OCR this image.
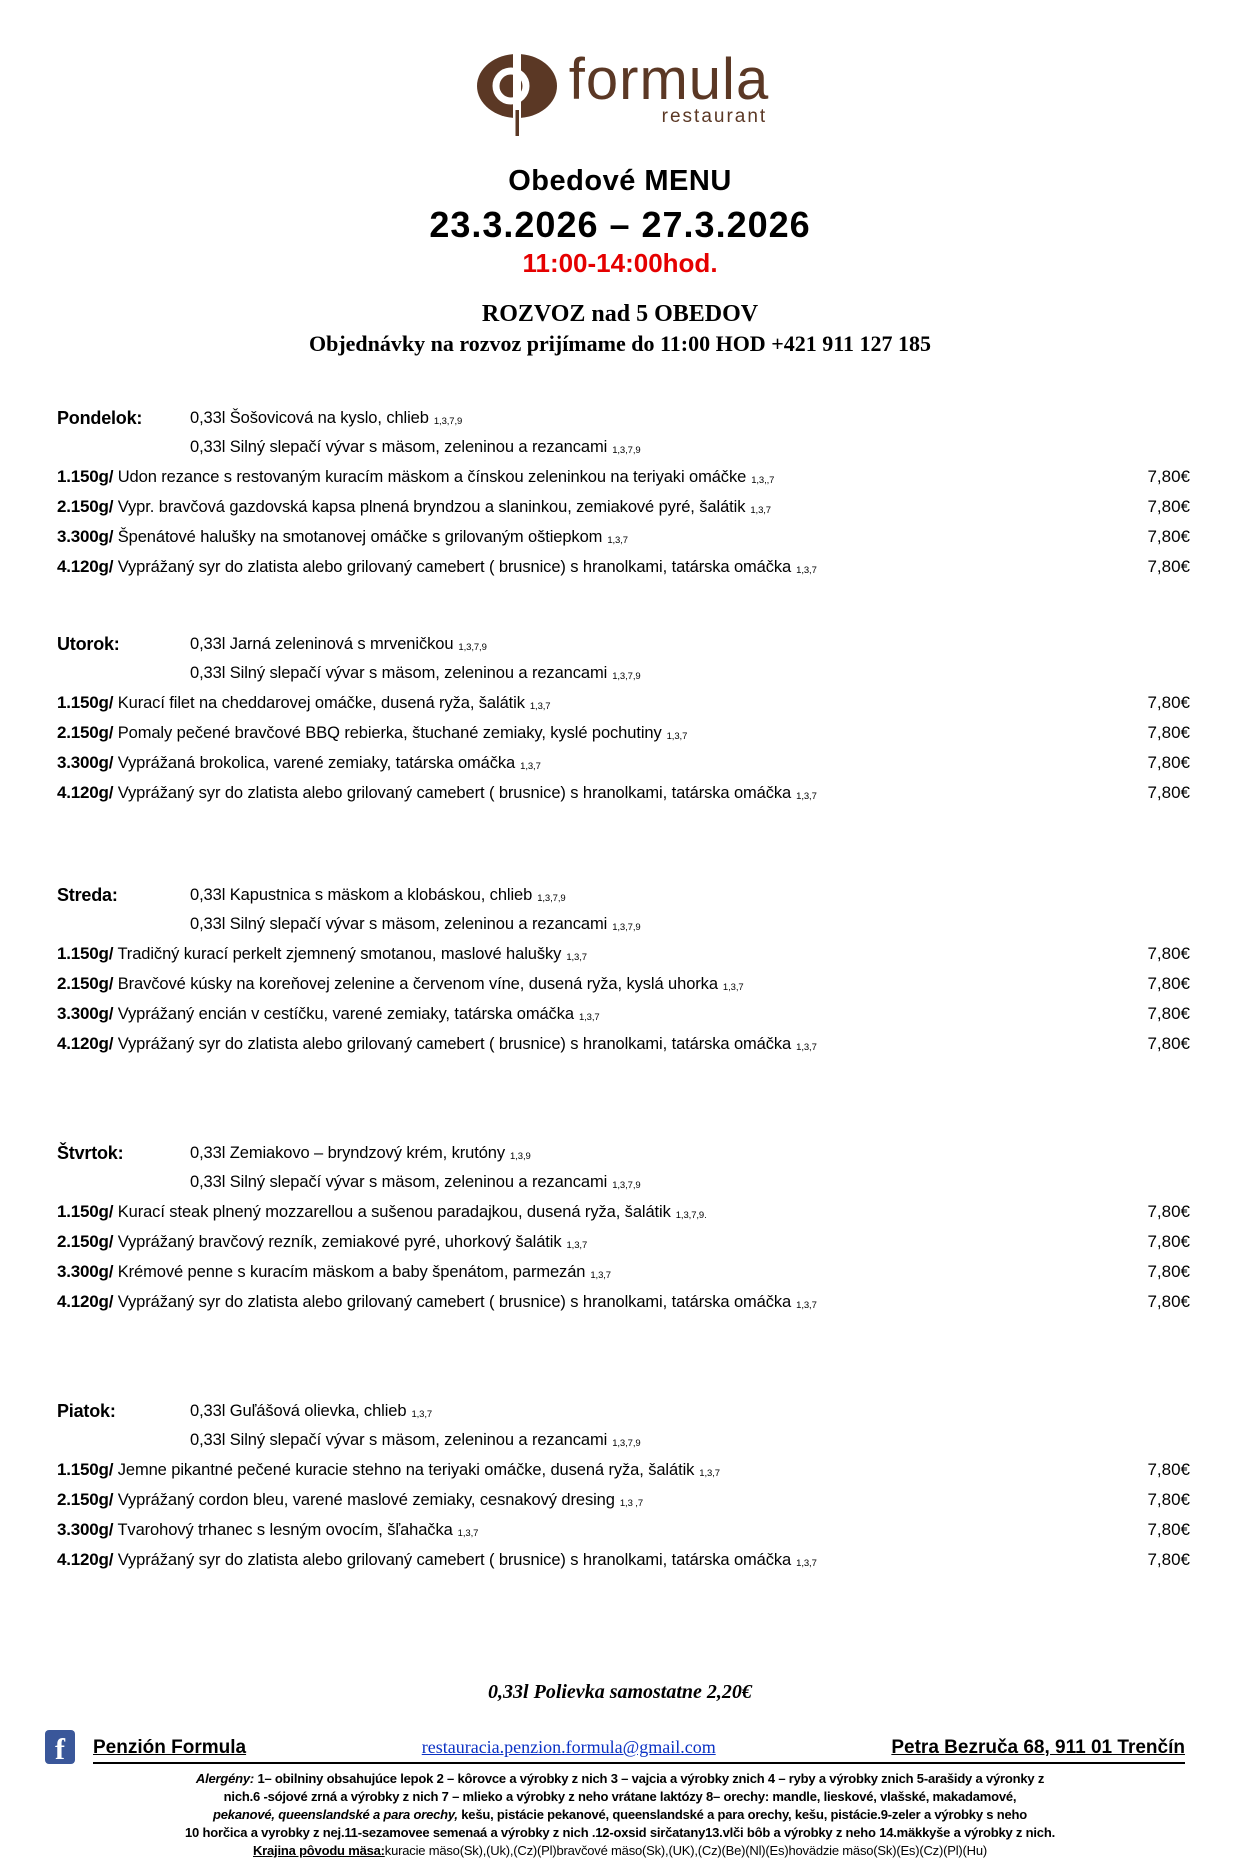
formula
restaurant
Obedové MENU
23.3.2026 – 27.3.2026
11:00-14:00hod.
ROZVOZ nad 5 OBEDOV
Objednávky na rozvoz prijímame do 11:00 HOD +421 911 127 185
Pondelok:	0,33l Šošovicová na kyslo, chlieb 1,3,7,9
0,33l Silný slepačí vývar s mäsom, zeleninou a rezancami 1,3,7,9
1.150g/ Udon rezance s restovaným kuracím mäskom a čínskou zeleninkou na teriyaki omáčke 1,3,,7	7,80€
2.150g/ Vypr. bravčová gazdovská kapsa plnená bryndzou a slaninkou, zemiakové pyré, šalátik 1,3,7	7,80€
3.300g/ Špenátové halušky na smotanovej omáčke s grilovaným oštiepkom 1,3,7	7,80€
4.120g/ Vyprážaný syr do zlatista alebo grilovaný camebert ( brusnice) s hranolkami, tatárska omáčka 1,3,7	7,80€
Utorok:	0,33l Jarná zeleninová s mrveničkou 1,3,7,9
0,33l Silný slepačí vývar s mäsom, zeleninou a rezancami 1,3,7,9
1.150g/ Kurací filet na cheddarovej omáčke, dusená ryža, šalátik 1,3,7	7,80€
2.150g/ Pomaly pečené bravčové BBQ rebierka, štuchané zemiaky, kyslé pochutiny 1,3,7	7,80€
3.300g/ Vyprážaná brokolica, varené zemiaky, tatárska omáčka 1,3,7	7,80€
4.120g/ Vyprážaný syr do zlatista alebo grilovaný camebert ( brusnice) s hranolkami, tatárska omáčka 1,3,7	7,80€
Streda:	0,33l Kapustnica s mäskom a klobáskou, chlieb 1,3,7,9
0,33l Silný slepačí vývar s mäsom, zeleninou a rezancami 1,3,7,9
1.150g/ Tradičný kurací perkelt zjemnený smotanou, maslové halušky 1,3,7	7,80€
2.150g/ Bravčové kúsky na koreňovej zelenine a červenom víne, dusená ryža, kyslá uhorka 1,3,7	7,80€
3.300g/ Vyprážaný encián v cestíčku, varené zemiaky, tatárska omáčka 1,3,7	7,80€
4.120g/ Vyprážaný syr do zlatista alebo grilovaný camebert ( brusnice) s hranolkami, tatárska omáčka 1,3,7	7,80€
Štvrtok:	0,33l Zemiakovo – bryndzový krém, krutóny 1,3,9
0,33l Silný slepačí vývar s mäsom, zeleninou a rezancami 1,3,7,9
1.150g/ Kurací steak plnený mozzarellou a sušenou paradajkou, dusená ryža, šalátik 1,3,7,9.	7,80€
2.150g/ Vyprážaný bravčový rezník, zemiakové pyré, uhorkový šalátik 1,3,7	7,80€
3.300g/ Krémové penne s kuracím mäskom a baby špenátom, parmezán 1,3,7	7,80€
4.120g/ Vyprážaný syr do zlatista alebo grilovaný camebert ( brusnice) s hranolkami, tatárska omáčka 1,3,7	7,80€
Piatok:	0,33l Guľášová olievka, chlieb 1,3,7
0,33l Silný slepačí vývar s mäsom, zeleninou a rezancami 1,3,7,9
1.150g/ Jemne pikantné pečené kuracie stehno na teriyaki omáčke, dusená ryža, šalátik 1,3,7	7,80€
2.150g/ Vyprážaný cordon bleu, varené maslové zemiaky, cesnakový dresing 1,3 ,7	7,80€
3.300g/ Tvarohový trhanec s lesným ovocím, šľahačka 1,3,7	7,80€
4.120g/ Vyprážaný syr do zlatista alebo grilovaný camebert ( brusnice) s hranolkami, tatárska omáčka 1,3,7	7,80€
0,33l Polievka samostatne 2,20€
f	Penzión Formula	restauracia.penzion.formula@gmail.com	Petra Bezruča 68, 911 01 Trenčín
Alergény: 1– obilniny obsahujúce lepok 2 – kôrovce a výrobky z nich 3 – vajcia a výrobky znich 4 – ryby a výrobky znich 5-arašidy a výronky z
nich.6 -sójové zrná a výrobky z nich 7 – mlieko a výrobky z neho vrátane laktózy 8– orechy: mandle, lieskové, vlašské, makadamové,
pekanové, queenslandské a para orechy, kešu, pistácie pekanové, queenslandské a para orechy, kešu, pistácie.9-zeler a výrobky s neho
10 horčica a vyrobky z nej.11-sezamovee semenaá a výrobky z nich .12-oxsid sirčatany13.vlči bôb a výrobky z neho 14.mäkkyše a výrobky z nich.
Krajina pôvodu mäsa:kuracie mäso(Sk),(Uk),(Cz)(Pl)bravčové mäso(Sk),(UK),(Cz)(Be)(Nl)(Es)hovädzie mäso(Sk)(Es)(Cz)(Pl)(Hu)
